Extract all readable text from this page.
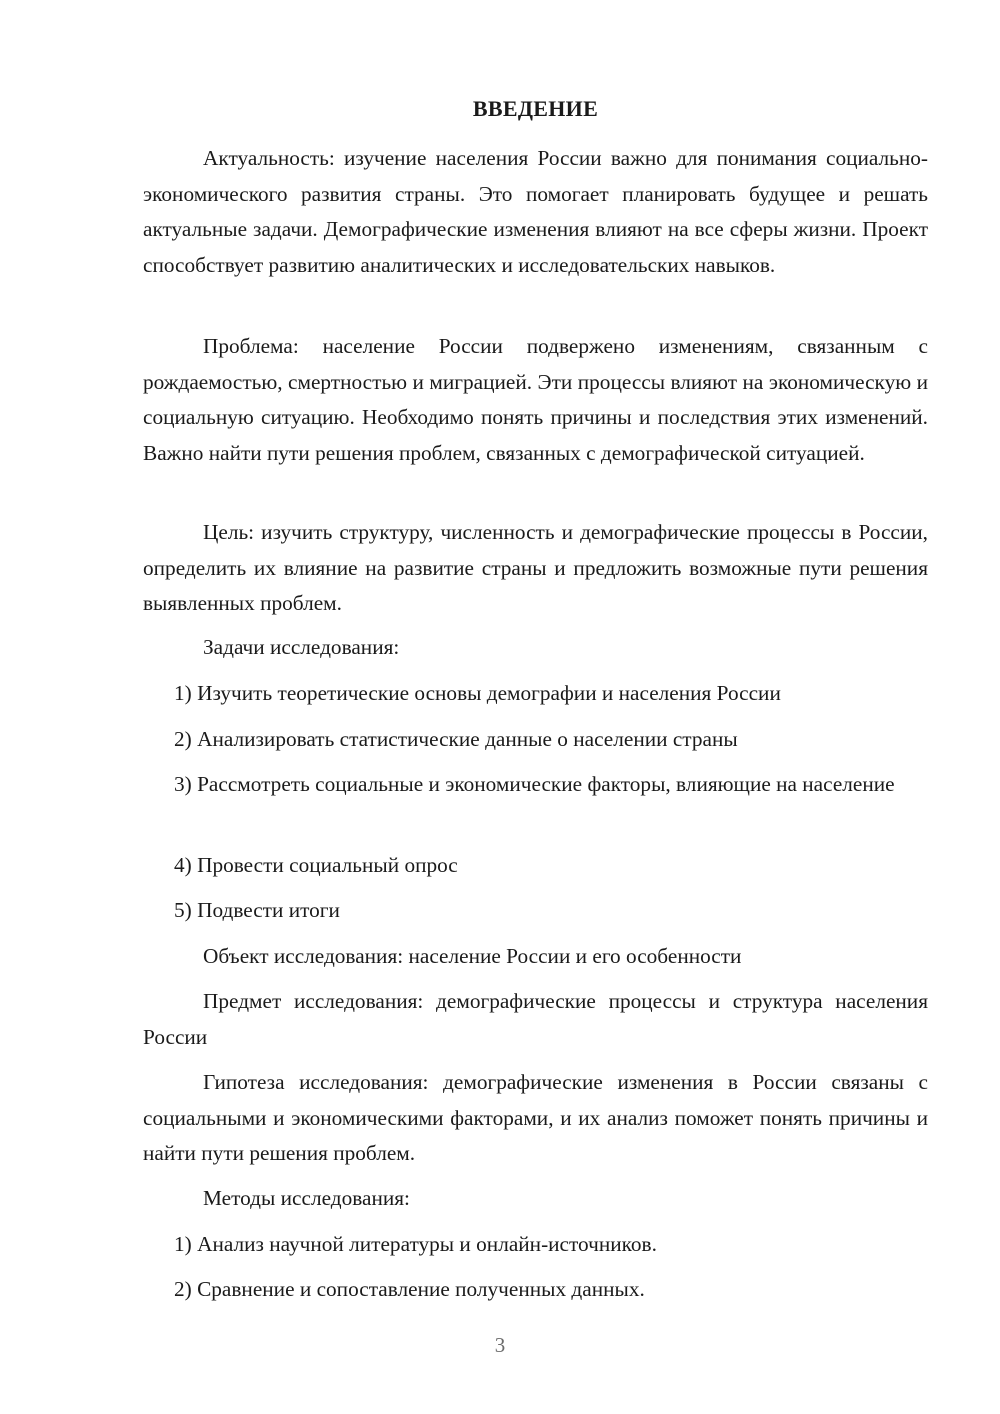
ВВЕДЕНИЕ

Актуальность: изучение населения России важно для понимания социально-экономического развития страны. Это помогает планировать будущее и решать актуальные задачи. Демографические изменения влияют на все сферы жизни. Проект способствует развитию аналитических и исследовательских навыков.

Проблема: население России подвержено изменениям, связанным с рождаемостью, смертностью и миграцией. Эти процессы влияют на экономическую и социальную ситуацию. Необходимо понять причины и последствия этих изменений. Важно найти пути решения проблем, связанных с демографической ситуацией.

Цель: изучить структуру, численность и демографические процессы в России, определить их влияние на развитие страны и предложить возможные пути решения выявленных проблем.

Задачи исследования:

1) Изучить теоретические основы демографии и населения России

2) Анализировать статистические данные о населении страны

3) Рассмотреть социальные и экономические факторы, влияющие на население

4) Провести социальный опрос

5) Подвести итоги

Объект исследования: население России и его особенности

Предмет исследования: демографические процессы и структура населения России

Гипотеза исследования: демографические изменения в России связаны с социальными и экономическими факторами, и их анализ поможет понять причины и найти пути решения проблем.

Методы исследования:

1) Анализ научной литературы и онлайн-источников.

2) Сравнение и сопоставление полученных данных.

3
